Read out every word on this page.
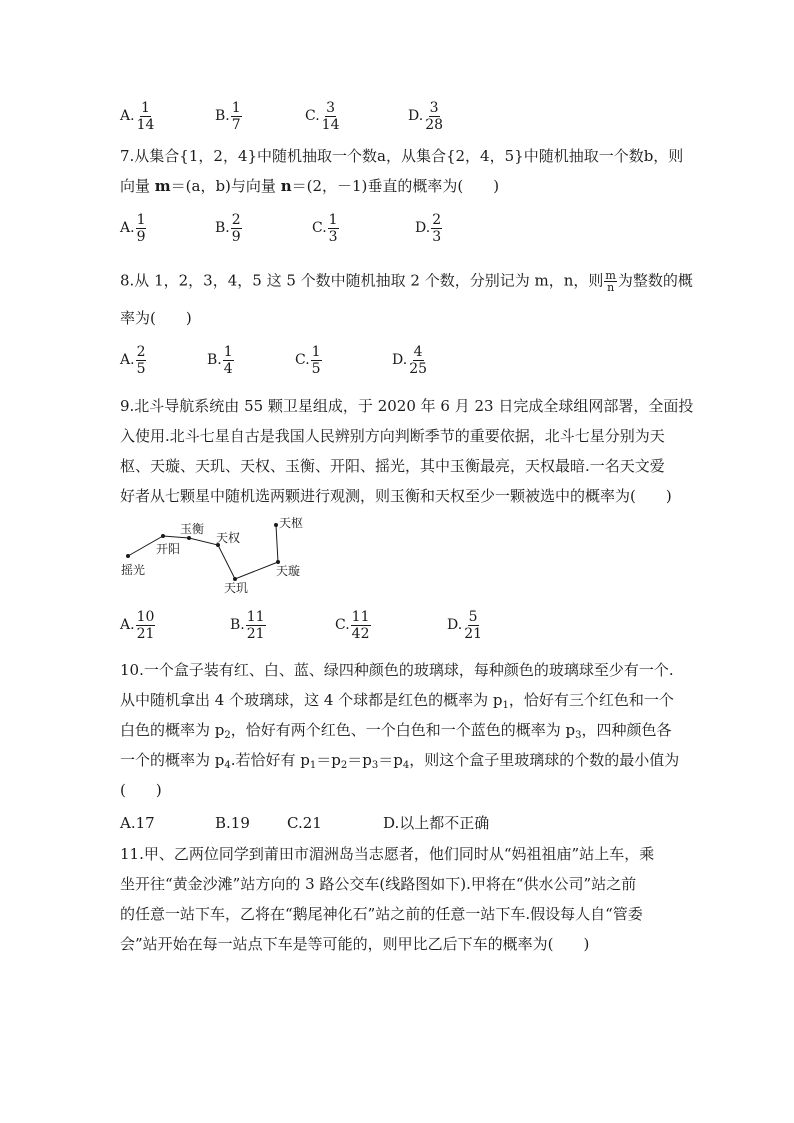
A. $\frac{1}{14}$	B. $\frac{1}{7}$	C. $\frac{3}{14}$	D. $\frac{3}{28}$
7.从集合{1，2，4}中随机抽取一个数a，从集合{2，4，5}中随机抽取一个数b，则
向量 m＝(a，b)与向量 n＝(2，－1)垂直的概率为(　　)
A. $\frac{1}{9}$	B. $\frac{2}{9}$	C. $\frac{1}{3}$	D. $\frac{2}{3}$
8.从 1，2，3，4，5 这 5 个数中随机抽取 2 个数，分别记为 m，n，则 $\frac{m}{n}$ 为整数的概
率为(　　)
A. $\frac{2}{5}$	B. $\frac{1}{4}$	C. $\frac{1}{5}$	D. $\frac{4}{25}$
9.北斗导航系统由 55 颗卫星组成，于 2020 年 6 月 23 日完成全球组网部署，全面投
入使用.北斗七星自古是我国人民辨别方向判断季节的重要依据，北斗七星分别为天
枢、天璇、天玑、天权、玉衡、开阳、摇光，其中玉衡最亮，天权最暗.一名天文爱
好者从七颗星中随机选两颗进行观测，则玉衡和天权至少一颗被选中的概率为(　　)
摇光
开阳
玉衡
天权
天玑
天璇
天枢
A. $\frac{10}{21}$	B. $\frac{11}{21}$	C. $\frac{11}{42}$	D. $\frac{5}{21}$
10.一个盒子装有红、白、蓝、绿四种颜色的玻璃球，每种颜色的玻璃球至少有一个.
从中随机拿出 4 个玻璃球，这 4 个球都是红色的概率为 $p_1$，恰好有三个红色和一个
白色的概率为 $p_2$，恰好有两个红色、一个白色和一个蓝色的概率为 $p_3$，四种颜色各
一个的概率为 $p_4$.若恰好有 $p_1=p_2=p_3=p_4$，则这个盒子里玻璃球的个数的最小值为
(　　)
A.17	B.19 C.21	D.以上都不正确
11.甲、乙两位同学到莆田市湄洲岛当志愿者，他们同时从“妈祖祖庙”站上车，乘
坐开往“黄金沙滩”站方向的 3 路公交车(线路图如下).甲将在“供水公司”站之前
的任意一站下车，乙将在“鹅尾神化石”站之前的任意一站下车.假设每人自“管委
会”站开始在每一站点下车是等可能的，则甲比乙后下车的概率为(　　)
